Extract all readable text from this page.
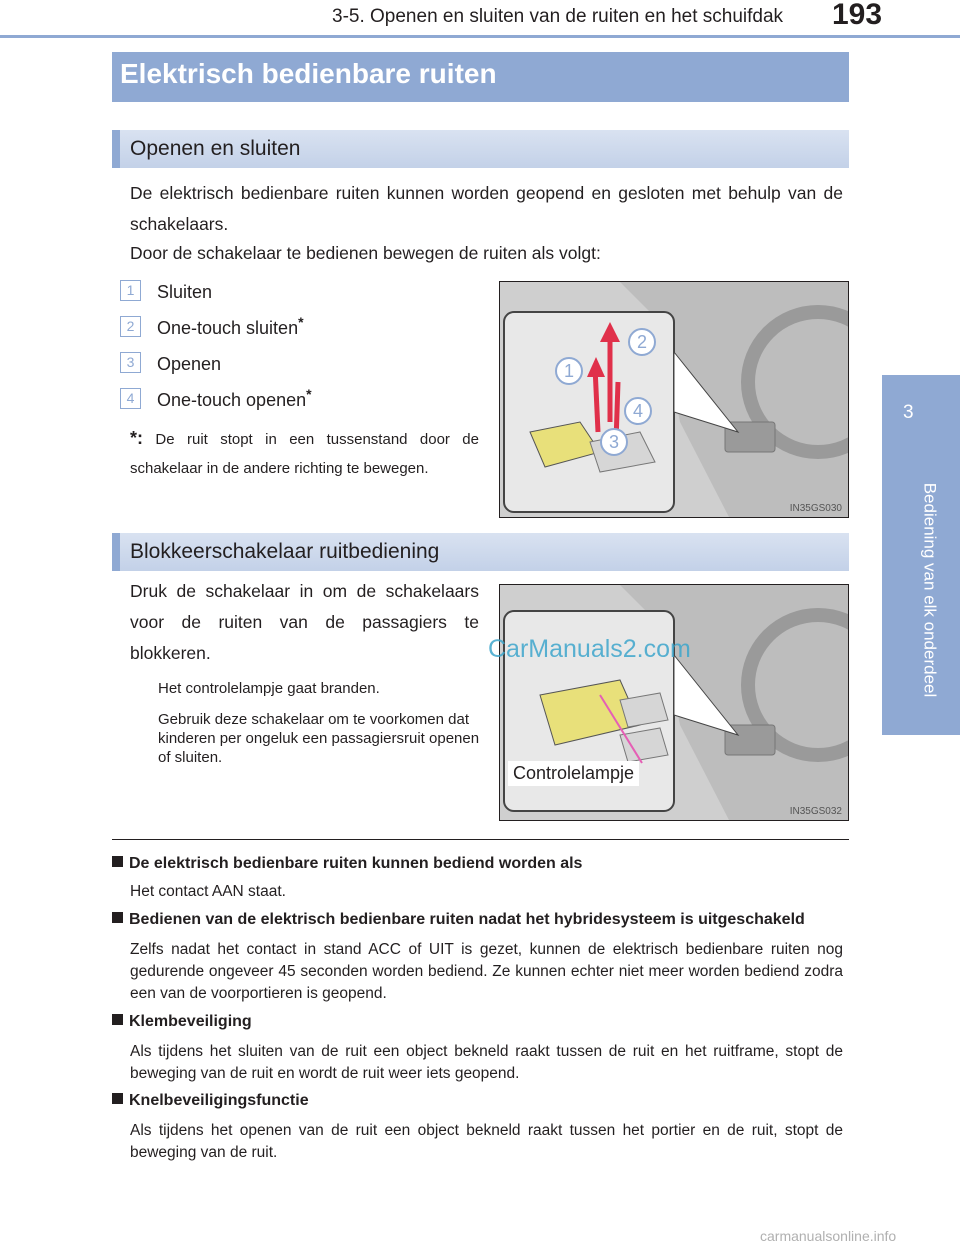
3-5. Openen en sluiten van de ruiten en het schuifdak 193
3
Bediening van elk onderdeel
Elektrisch bedienbare ruiten
Openen en sluiten
De elektrisch bedienbare ruiten kunnen worden geopend en gesloten met behulp van de schakelaars.
Door de schakelaar te bedienen bewegen de ruiten als volgt:
1	Sluiten
2	One-touch sluiten*
3	Openen
4	One-touch openen*
*: De ruit stopt in een tussenstand door de schakelaar in de andere richting te bewegen.
1
2
3
4
IN35GS030
Blokkeerschakelaar ruitbediening
Druk de schakelaar in om de schakelaars voor de ruiten van de passagiers te blokkeren.
Het controlelampje gaat branden.
Gebruik deze schakelaar om te voorkomen dat kinderen per ongeluk een passagiersruit openen of sluiten.
Controlelampje
IN35GS032
CarManuals2.com
De elektrisch bedienbare ruiten kunnen bediend worden als
Het contact AAN staat.
Bedienen van de elektrisch bedienbare ruiten nadat het hybridesysteem is uitgeschakeld
Zelfs nadat het contact in stand ACC of UIT is gezet, kunnen de elektrisch bedienbare ruiten nog gedurende ongeveer 45 seconden worden bediend. Ze kunnen echter niet meer worden bediend zodra een van de voorportieren is geopend.
Klembeveiliging
Als tijdens het sluiten van de ruit een object bekneld raakt tussen de ruit en het ruitframe, stopt de beweging van de ruit en wordt de ruit weer iets geopend.
Knelbeveiligingsfunctie
Als tijdens het openen van de ruit een object bekneld raakt tussen het portier en de ruit, stopt de beweging van de ruit.
carmanualsonline.info
